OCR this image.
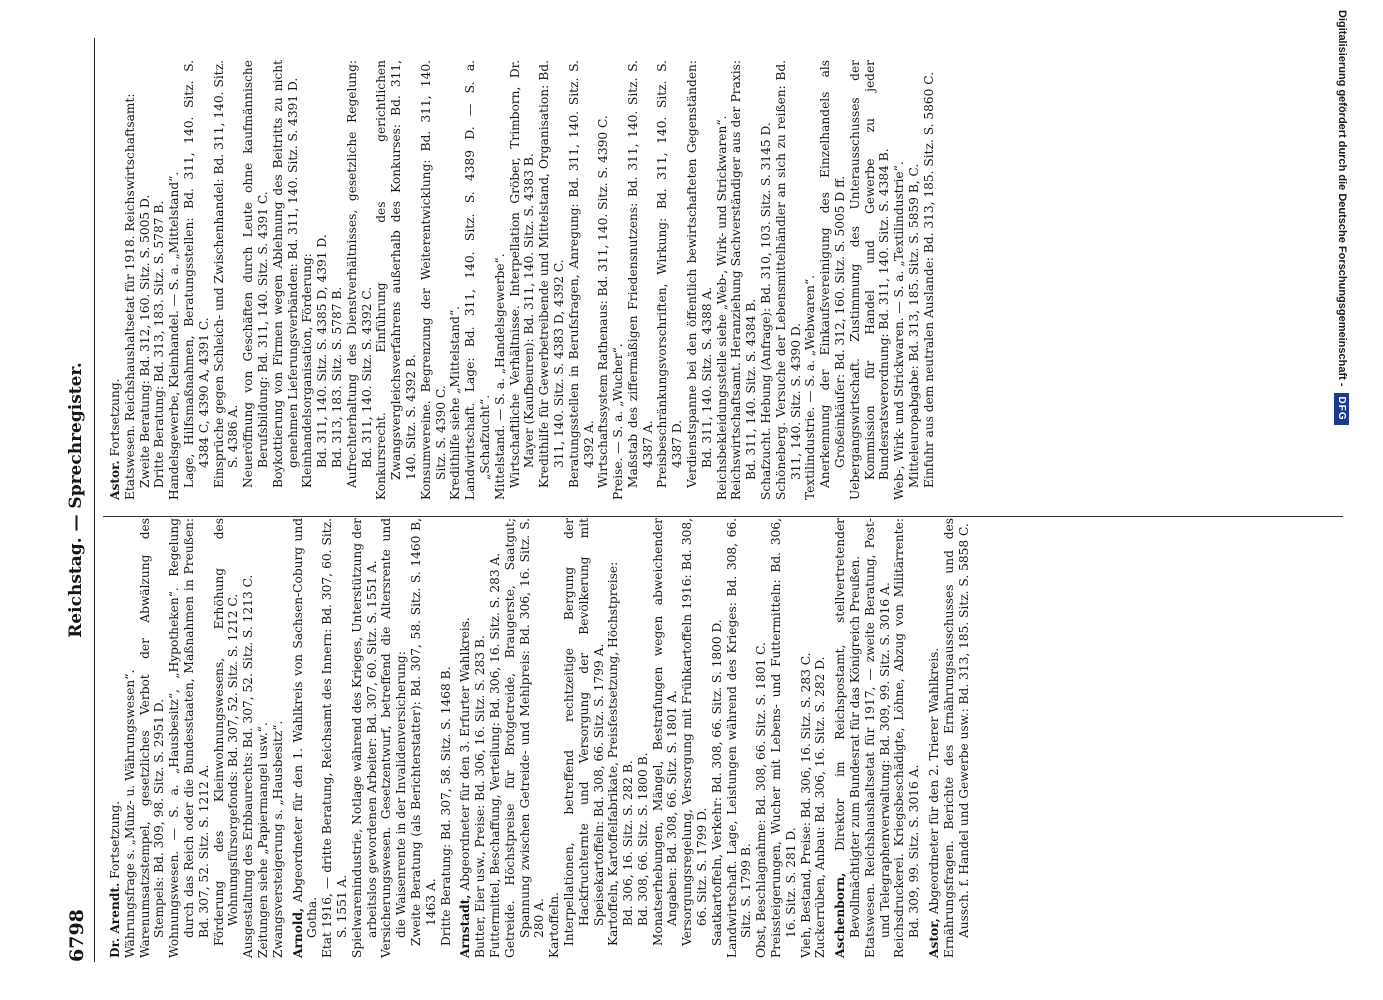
6798
Reichstag. — Sprechregister.

Dr. Arendt. Fortsetzung. Währungsfrage s. „Münz- u. Währungswesen“. Warenumsatzstempel, gesetzliches Verbot der Abwälzung des Stempels: Bd. 309, 98. Sitz. S. 2951 D. Wohnungswesen. — S. a. „Hausbesitz“, „Hypotheken“. Regelung durch das Reich oder die Bundesstaaten, Maßnahmen in Preußen: Bd. 307, 52. Sitz. S. 1212 A. Förderung des Kleinwohnungswesens, Erhöhung des Wohnungsfürsorgefonds: Bd. 307, 52. Sitz. S. 1212 C. Ausgestaltung des Erbbaurechts: Bd. 307, 52. Sitz. S. 1213 C. Zeitungen siehe „Papiermangel usw.“. Zwangsversteigerung s. „Hausbesitz“. Arnold, Abgeordneter für den 1. Wahlkreis von Sachsen-Coburg und Gotha. Etat 1916, — dritte Beratung, Reichsamt des Innern: Bd. 307, 60. Sitz. S. 1551 A. Spielwarenindustrie, Notlage während des Krieges, Unterstützung der arbeitslos gewordenen Arbeiter: Bd. 307, 60. Sitz. S. 1551 A. Versicherungswesen. Gesetzentwurf, betreffend die Altersrente und die Waisenrente in der Invalidenversicherung: Zweite Beratung (als Berichterstatter): Bd. 307, 58. Sitz. S. 1460 B, 1463 A. Dritte Beratung: Bd. 307, 58. Sitz. S. 1468 B. Arnstadt, Abgeordneter für den 3. Erfurter Wahlkreis. Butter, Eier usw., Preise: Bd. 306, 16. Sitz. S. 283 B. Futtermittel, Beschaffung, Verteilung: Bd. 306, 16. Sitz. S. 283 A. Getreide. Höchstpreise für Brotgetreide, Braugerste, Saatgut; Spannung zwischen Getreide- und Mehlpreis: Bd. 306, 16. Sitz. S. 280 A. Kartoffeln. Interpellationen, betreffend rechtzeitige Bergung der Hackfruchternte und Versorgung der Bevölkerung mit Speisekartoffeln: Bd. 308, 66. Sitz. S. 1799 A. Kartoffeln, Kartoffelfabrikate, Preisfestsetzung, Höchstpreise: Bd. 306, 16. Sitz. S. 282 B. Bd. 308, 66. Sitz. S. 1800 B. Monatserhebungen, Mängel, Bestrafungen wegen abweichender Angaben: Bd. 308, 66. Sitz. S. 1801 A. Versorgungsregelung, Versorgung mit Frühkartoffeln 1916: Bd. 308, 66. Sitz. S. 1799 D. Saatkartoffeln, Verkehr: Bd. 308, 66. Sitz. S. 1800 D. Landwirtschaft. Lage, Leistungen während des Krieges: Bd. 308, 66. Sitz. S. 1799 B. Obst, Beschlagnahme: Bd. 308, 66. Sitz. S. 1801 C. Preissteigerungen, Wucher mit Lebens- und Futtermitteln: Bd. 306, 16. Sitz. S. 281 D. Vieh, Bestand, Preise: Bd. 306, 16. Sitz. S. 283 C. Zuckerrüben, Anbau: Bd. 306, 16. Sitz. S. 282 D. Aschenborn, Direktor im Reichspostamt, stellvertretender Bevollmächtigter zum Bundesrat für das Königreich Preußen. Etatswesen. Reichshaushaltsetat für 1917, — zweite Beratung, Post- und Telegraphenverwaltung: Bd. 309, 99. Sitz. S. 3016 A. Reichsdruckerei. Kriegsbeschädigte, Löhne, Abzug von Militärrente: Bd. 309, 99. Sitz. S. 3016 A.

Astor, Abgeordneter für den 2. Trierer Wahlkreis. Ernährungsfragen. Berichte des Ernährungsausschusses und des Aussch. f. Handel und Gewerbe usw.: Bd. 313, 185. Sitz. S. 5858 C.

Astor. Fortsetzung. Etatswesen. Reichshaushaltsetat für 1918. Reichswirtschaftsamt: Zweite Beratung: Bd. 312, 160. Sitz. S. 5005 D. Dritte Beratung: Bd. 313, 183. Sitz. S. 5787 B. Handelsgewerbe, Kleinhandel. — S. a. „Mittelstand“. Lage, Hilfsmaßnahmen, Beratungsstellen: Bd. 311, 140. Sitz. S. 4384 C, 4390 A, 4391 C. Einsprüche gegen Schleich- und Zwischenhandel: Bd. 311, 140. Sitz. S. 4386 A. Neueröffnung von Geschäften durch Leute ohne kaufmännische Berufsbildung: Bd. 311, 140. Sitz. S. 4391 C. Boykottierung von Firmen wegen Ablehnung des Beitritts zu nicht genehmen Lieferungsverbänden: Bd. 311, 140. Sitz. S. 4391 D. Kleinhandelsorganisation, Förderung: Bd. 311, 140. Sitz. S. 4385 D, 4391 D. Bd. 313, 183. Sitz. S. 5787 B. Aufrechterhaltung des Dienstverhältnisses, gesetzliche Regelung: Bd. 311, 140. Sitz. S. 4392 C. Konkursrecht. Einführung des gerichtlichen Zwangsvergleichsverfahrens außerhalb des Konkurses: Bd. 311, 140. Sitz. S. 4392 B. Konsumvereine. Begrenzung der Weiterentwicklung: Bd. 311, 140. Sitz. S. 4390 C. Kredithilfe siehe „Mittelstand“. Landwirtschaft. Lage: Bd. 311, 140. Sitz. S. 4389 D. — S. a. „Schafzucht“. Mittelstand. — S. a. „Handelsgewerbe“. Wirtschaftliche Verhältnisse. Interpellation Gröber, Trimborn, Dr. Mayer (Kaufbeuren): Bd. 311, 140. Sitz. S. 4383 B. Kredithilfe für Gewerbetreibende und Mittelstand, Organisation: Bd. 311, 140. Sitz. S. 4383 D, 4392 C. Beratungsstellen in Berufsfragen, Anregung: Bd. 311, 140. Sitz. S. 4392 A. Wirtschaftssystem Rathenaus: Bd. 311, 140. Sitz. S. 4390 C. Preise. — S. a. „Wucher“. Maßstab des ziffermäßigen Friedensnutzens: Bd. 311, 140. Sitz. S. 4387 A. Preisbeschränkungsvorschriften, Wirkung: Bd. 311, 140. Sitz. S. 4387 D. Verdienstspanne bei den öffentlich bewirtschafteten Gegenständen: Bd. 311, 140. Sitz. S. 4388 A. Reichsbekleidungsstelle siehe „Web-, Wirk- und Strickwaren“. Reichswirtschaftsamt. Heranziehung Sachverständiger aus der Praxis: Bd. 311, 140. Sitz. S. 4384 B. Schafzucht. Hebung (Anfrage): Bd. 310, 103. Sitz. S. 3145 D. Schöneberg. Versuche der Lebensmittelhändler an sich zu reißen: Bd. 311, 140. Sitz. S. 4390 D. Textilindustrie. — S. a. „Webwaren“. Anerkennung der Einkaufsvereinigung des Einzelhandels als Großeinkäufer: Bd. 312, 160. Sitz. S. 5005 D ff. Uebergangswirtschaft. Zustimmung des Unterausschusses der Kommission für Handel und Gewerbe zu jeder Bundesratsverordnung: Bd. 311, 140. Sitz. S. 4384 B. Web-, Wirk- und Strickwaren. — S. a. „Textilindustrie“. Mitteleuropabgabe: Bd. 313, 185. Sitz. S. 5859 B, C. Einfuhr aus dem neutralen Auslande: Bd. 313, 185. Sitz. S. 5860 C.	Digitalisierung gefördert durch die Deutsche Forschungsgemeinschaft -
DFG
